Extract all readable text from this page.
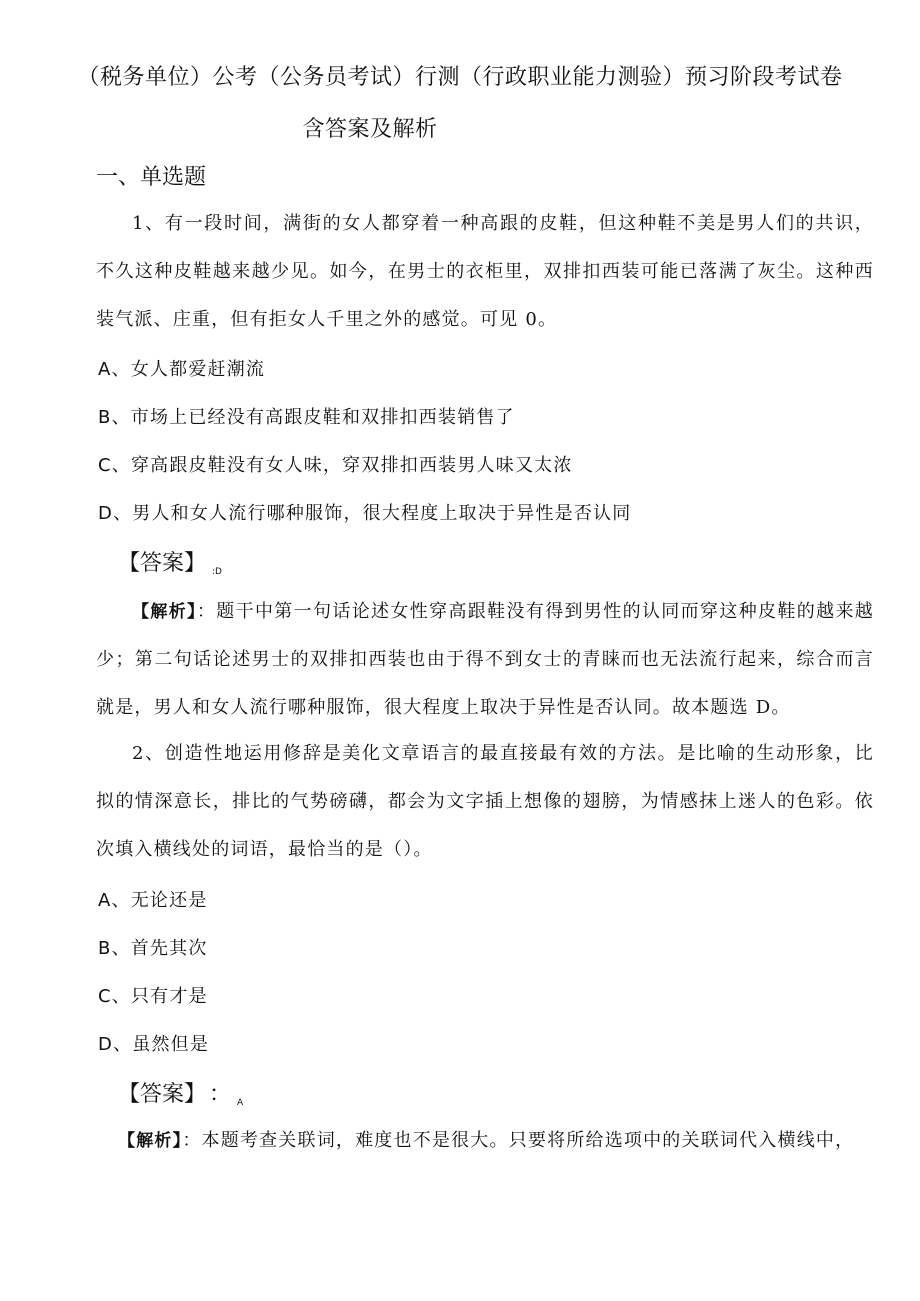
（税务单位）公考（公务员考试）行测（行政职业能力测验）预习阶段考试卷
含答案及解析
一、单选题
1、有一段时间，满街的女人都穿着一种高跟的皮鞋，但这种鞋不美是男人们的共识，不久这种皮鞋越来越少见。如今，在男士的衣柜里，双排扣西装可能已落满了灰尘。这种西装气派、庄重，但有拒女人千里之外的感觉。可见 0。
A、女人都爱赶潮流
B、市场上已经没有高跟皮鞋和双排扣西装销售了
C、穿高跟皮鞋没有女人味，穿双排扣西装男人味又太浓
D、男人和女人流行哪种服饰，很大程度上取决于异性是否认同
【答案】 :D
【解析】：题干中第一句话论述女性穿高跟鞋没有得到男性的认同而穿这种皮鞋的越来越少；第二句话论述男士的双排扣西装也由于得不到女士的青睐而也无法流行起来，综合而言就是，男人和女人流行哪种服饰，很大程度上取决于异性是否认同。故本题选 D。
2、创造性地运用修辞是美化文章语言的最直接最有效的方法。是比喻的生动形象，比拟的情深意长，排比的气势磅礴，都会为文字插上想像的翅膀，为情感抹上迷人的色彩。依次填入横线处的词语，最恰当的是（）。
A、无论还是
B、首先其次
C、只有才是
D、虽然但是
【答案】 ： A
【解析】：本题考查关联词，难度也不是很大。只要将所给选项中的关联词代入横线中，
